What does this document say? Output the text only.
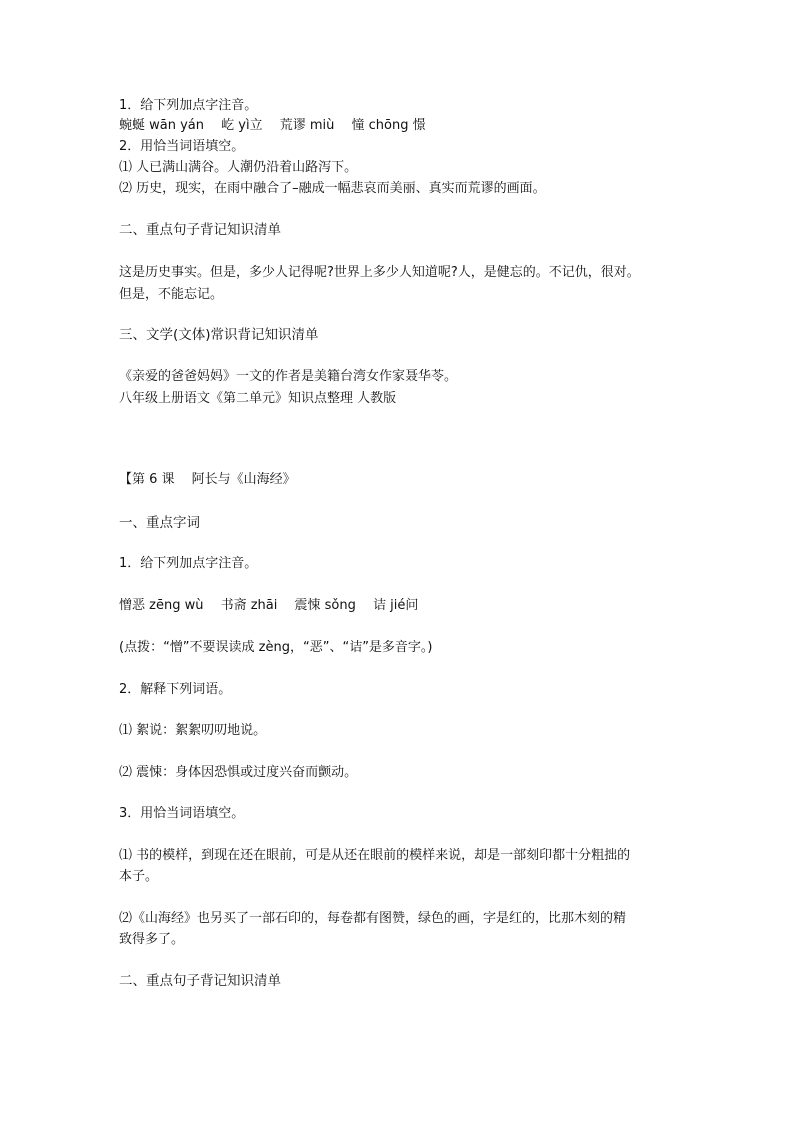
1．给下列加点字注音。
蜿蜒 wān yán　 屹 yì立　 荒谬 miù　 憧 chōng 憬
2．用恰当词语填空。
⑴ 人已满山满谷。人潮仍沿着山路泻下。
⑵ 历史，现实，在雨中融合了–融成一幅悲哀而美丽、真实而荒谬的画面。
二、重点句子背记知识清单
这是历史事实。但是，多少人记得呢?世界上多少人知道呢?人，是健忘的。不记仇，很对。
但是，不能忘记。
三、文学(文体)常识背记知识清单
《亲爱的爸爸妈妈》一文的作者是美籍台湾女作家聂华苓。
八年级上册语文《第二单元》知识点整理 人教版
【第 6 课　 阿长与《山海经》
一、重点字词
1．给下列加点字注音。
憎恶 zēng wù　 书斋 zhāi　 震悚 sǒng　 诘 jié问
(点拨：“憎”不要误读成 zèng，“恶”、“诘”是多音字。)
2．解释下列词语。
⑴ 絮说：絮絮叨叨地说。
⑵ 震悚：身体因恐惧或过度兴奋而颤动。
3．用恰当词语填空。
⑴ 书的模样，到现在还在眼前，可是从还在眼前的模样来说，却是一部刻印都十分粗拙的
本子。
⑵《山海经》也另买了一部石印的，每卷都有图赞，绿色的画，字是红的，比那木刻的精
致得多了。
二、重点句子背记知识清单
